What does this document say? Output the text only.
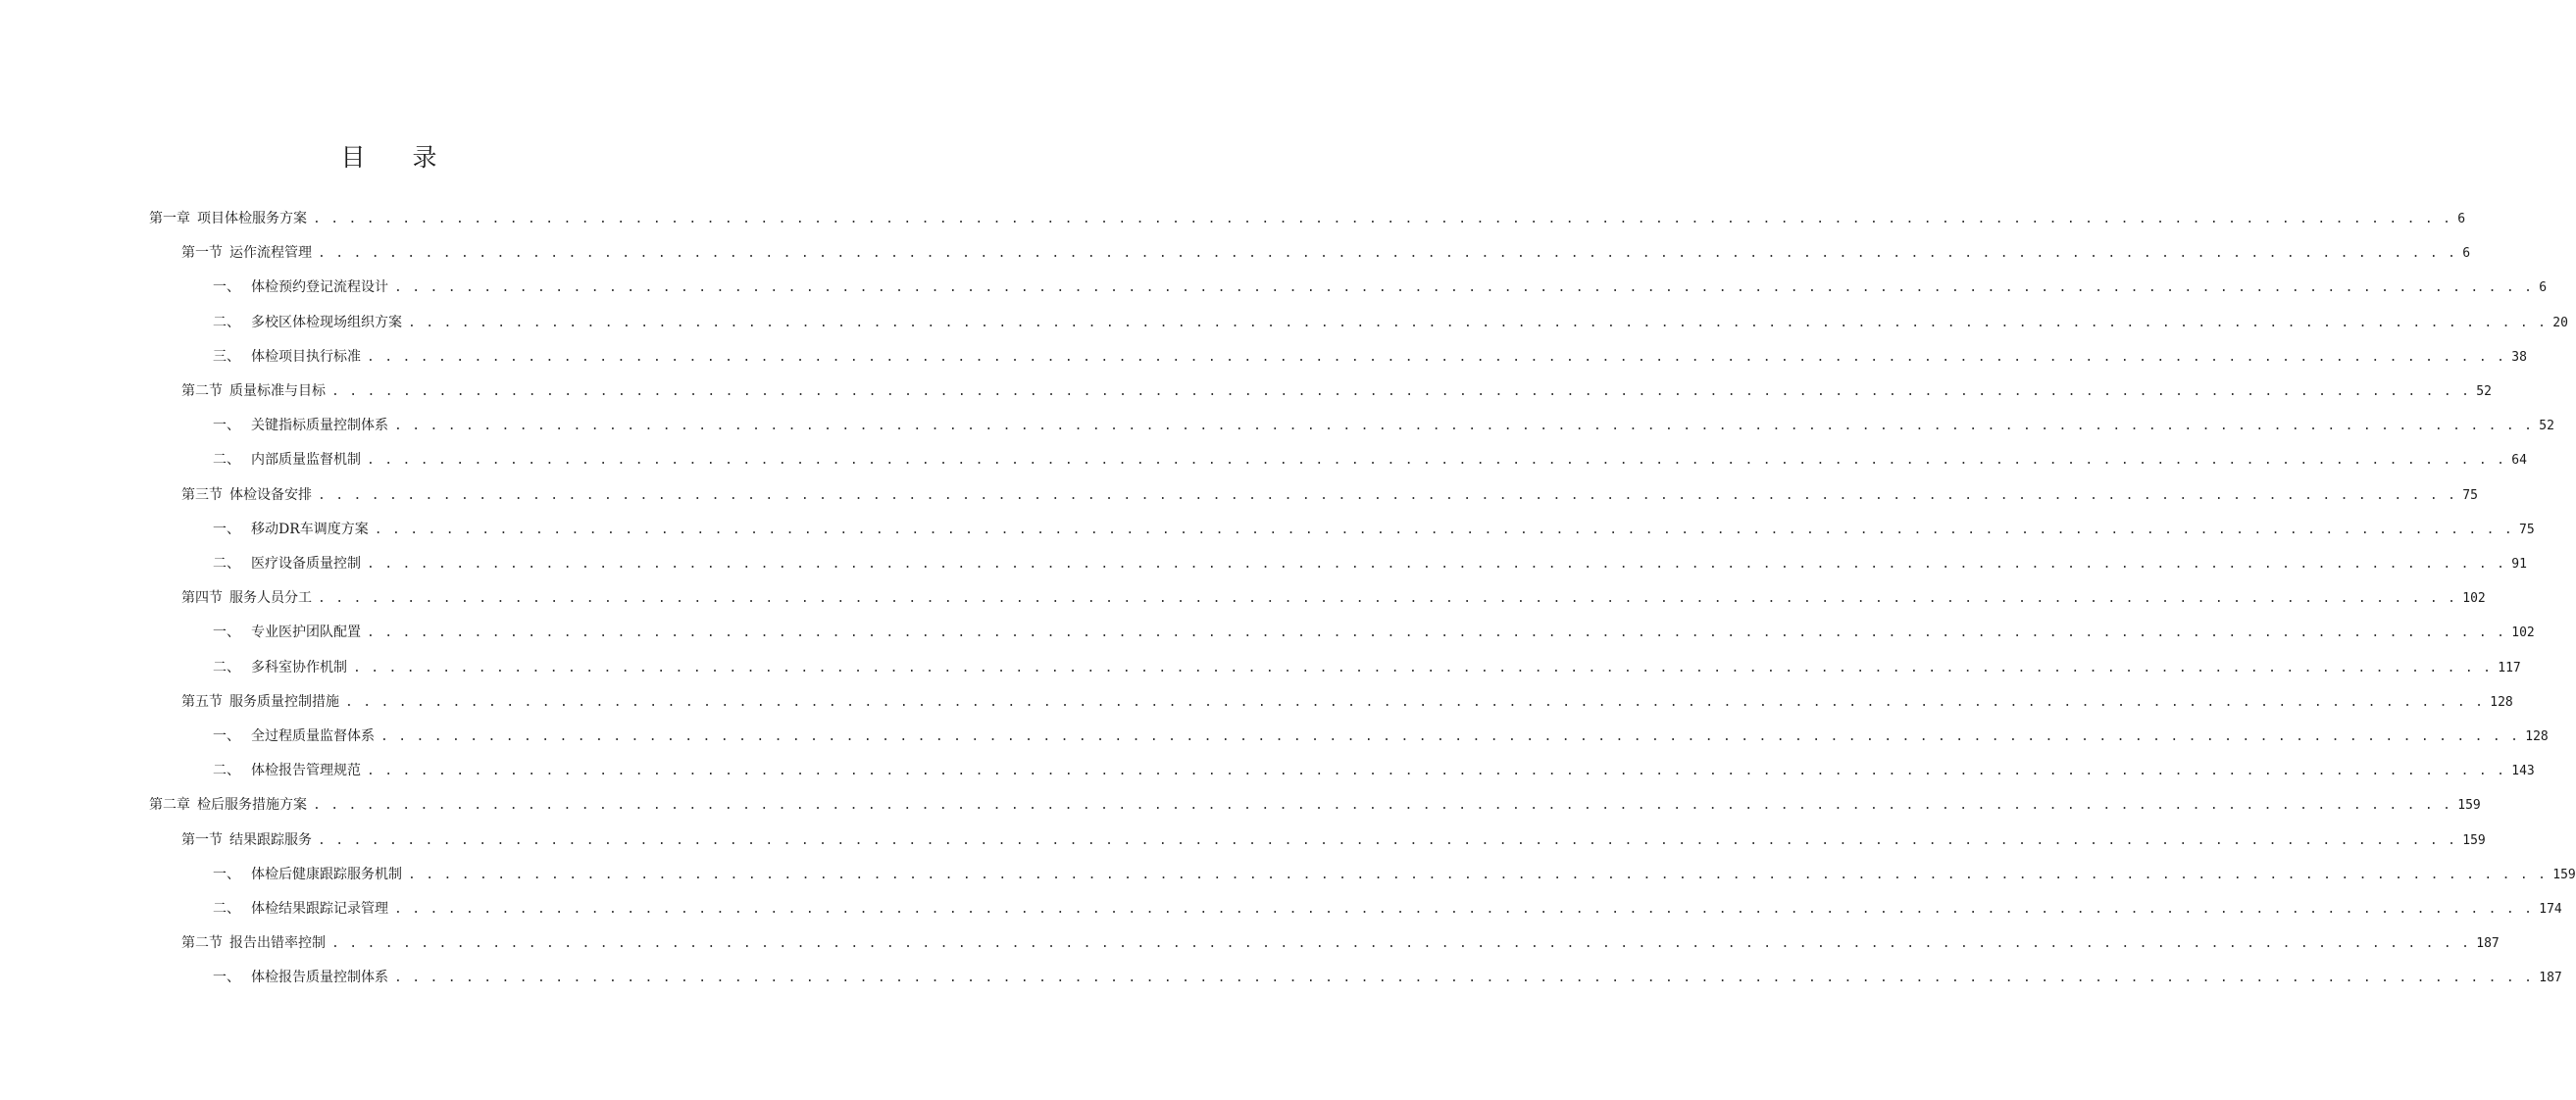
目 录
第一章 项目体检服务方案 . . . . . . . . . . . . . . . . . . . . . . . . . . . . . . . . . . . . . . . . . . . . . . . . . . . . . . . . . . . . . . . . . . . . . . . . . . . . . . . . . . . . . . . . . . . . . . . . . . . . . . . . . . . . . . . . . . . . . . . . 6
第一节 运作流程管理 . . . . . . . . . . . . . . . . . . . . . . . . . . . . . . . . . . . . . . . . . . . . . . . . . . . . . . . . . . . . . . . . . . . . . . . . . . . . . . . . . . . . . . . . . . . . . . . . . . . . . . . . . . . . . . . . . . . . . . . . 6
一、 体检预约登记流程设计 . . . . . . . . . . . . . . . . . . . . . . . . . . . . . . . . . . . . . . . . . . . . . . . . . . . . . . . . . . . . . . . . . . . . . . . . . . . . . . . . . . . . . . . . . . . . . . . . . . . . . . . . . . . . . . . . . . . . . . . . 6
二、 多校区体检现场组织方案 . . . . . . . . . . . . . . . . . . . . . . . . . . . . . . . . . . . . . . . . . . . . . . . . . . . . . . . . . . . . . . . . . . . . . . . . . . . . . . . . . . . . . . . . . . . . . . . . . . . . . . . . . . . . . . . . . . . . . . . . 20
三、 体检项目执行标准 . . . . . . . . . . . . . . . . . . . . . . . . . . . . . . . . . . . . . . . . . . . . . . . . . . . . . . . . . . . . . . . . . . . . . . . . . . . . . . . . . . . . . . . . . . . . . . . . . . . . . . . . . . . . . . . . . . . . . . . . 38
第二节 质量标准与目标 . . . . . . . . . . . . . . . . . . . . . . . . . . . . . . . . . . . . . . . . . . . . . . . . . . . . . . . . . . . . . . . . . . . . . . . . . . . . . . . . . . . . . . . . . . . . . . . . . . . . . . . . . . . . . . . . . . . . . . . . 52
一、 关键指标质量控制体系 . . . . . . . . . . . . . . . . . . . . . . . . . . . . . . . . . . . . . . . . . . . . . . . . . . . . . . . . . . . . . . . . . . . . . . . . . . . . . . . . . . . . . . . . . . . . . . . . . . . . . . . . . . . . . . . . . . . . . . . . 52
二、 内部质量监督机制 . . . . . . . . . . . . . . . . . . . . . . . . . . . . . . . . . . . . . . . . . . . . . . . . . . . . . . . . . . . . . . . . . . . . . . . . . . . . . . . . . . . . . . . . . . . . . . . . . . . . . . . . . . . . . . . . . . . . . . . . 64
第三节 体检设备安排 . . . . . . . . . . . . . . . . . . . . . . . . . . . . . . . . . . . . . . . . . . . . . . . . . . . . . . . . . . . . . . . . . . . . . . . . . . . . . . . . . . . . . . . . . . . . . . . . . . . . . . . . . . . . . . . . . . . . . . . . 75
一、 移动DR车调度方案 . . . . . . . . . . . . . . . . . . . . . . . . . . . . . . . . . . . . . . . . . . . . . . . . . . . . . . . . . . . . . . . . . . . . . . . . . . . . . . . . . . . . . . . . . . . . . . . . . . . . . . . . . . . . . . . . . . . . . . . . 75
二、 医疗设备质量控制 . . . . . . . . . . . . . . . . . . . . . . . . . . . . . . . . . . . . . . . . . . . . . . . . . . . . . . . . . . . . . . . . . . . . . . . . . . . . . . . . . . . . . . . . . . . . . . . . . . . . . . . . . . . . . . . . . . . . . . . . 91
第四节 服务人员分工 . . . . . . . . . . . . . . . . . . . . . . . . . . . . . . . . . . . . . . . . . . . . . . . . . . . . . . . . . . . . . . . . . . . . . . . . . . . . . . . . . . . . . . . . . . . . . . . . . . . . . . . . . . . . . . . . . . . . . . . . 102
一、 专业医护团队配置 . . . . . . . . . . . . . . . . . . . . . . . . . . . . . . . . . . . . . . . . . . . . . . . . . . . . . . . . . . . . . . . . . . . . . . . . . . . . . . . . . . . . . . . . . . . . . . . . . . . . . . . . . . . . . . . . . . . . . . . . 102
二、 多科室协作机制 . . . . . . . . . . . . . . . . . . . . . . . . . . . . . . . . . . . . . . . . . . . . . . . . . . . . . . . . . . . . . . . . . . . . . . . . . . . . . . . . . . . . . . . . . . . . . . . . . . . . . . . . . . . . . . . . . . . . . . . . 117
第五节 服务质量控制措施 . . . . . . . . . . . . . . . . . . . . . . . . . . . . . . . . . . . . . . . . . . . . . . . . . . . . . . . . . . . . . . . . . . . . . . . . . . . . . . . . . . . . . . . . . . . . . . . . . . . . . . . . . . . . . . . . . . . . . . . . 128
一、 全过程质量监督体系 . . . . . . . . . . . . . . . . . . . . . . . . . . . . . . . . . . . . . . . . . . . . . . . . . . . . . . . . . . . . . . . . . . . . . . . . . . . . . . . . . . . . . . . . . . . . . . . . . . . . . . . . . . . . . . . . . . . . . . . . 128
二、 体检报告管理规范 . . . . . . . . . . . . . . . . . . . . . . . . . . . . . . . . . . . . . . . . . . . . . . . . . . . . . . . . . . . . . . . . . . . . . . . . . . . . . . . . . . . . . . . . . . . . . . . . . . . . . . . . . . . . . . . . . . . . . . . . 143
第二章 检后服务措施方案 . . . . . . . . . . . . . . . . . . . . . . . . . . . . . . . . . . . . . . . . . . . . . . . . . . . . . . . . . . . . . . . . . . . . . . . . . . . . . . . . . . . . . . . . . . . . . . . . . . . . . . . . . . . . . . . . . . . . . . . . 159
第一节 结果跟踪服务 . . . . . . . . . . . . . . . . . . . . . . . . . . . . . . . . . . . . . . . . . . . . . . . . . . . . . . . . . . . . . . . . . . . . . . . . . . . . . . . . . . . . . . . . . . . . . . . . . . . . . . . . . . . . . . . . . . . . . . . . 159
一、 体检后健康跟踪服务机制 . . . . . . . . . . . . . . . . . . . . . . . . . . . . . . . . . . . . . . . . . . . . . . . . . . . . . . . . . . . . . . . . . . . . . . . . . . . . . . . . . . . . . . . . . . . . . . . . . . . . . . . . . . . . . . . . . . . . . . . . 159
二、 体检结果跟踪记录管理 . . . . . . . . . . . . . . . . . . . . . . . . . . . . . . . . . . . . . . . . . . . . . . . . . . . . . . . . . . . . . . . . . . . . . . . . . . . . . . . . . . . . . . . . . . . . . . . . . . . . . . . . . . . . . . . . . . . . . . . . 174
第二节 报告出错率控制 . . . . . . . . . . . . . . . . . . . . . . . . . . . . . . . . . . . . . . . . . . . . . . . . . . . . . . . . . . . . . . . . . . . . . . . . . . . . . . . . . . . . . . . . . . . . . . . . . . . . . . . . . . . . . . . . . . . . . . . . 187
一、 体检报告质量控制体系 . . . . . . . . . . . . . . . . . . . . . . . . . . . . . . . . . . . . . . . . . . . . . . . . . . . . . . . . . . . . . . . . . . . . . . . . . . . . . . . . . . . . . . . . . . . . . . . . . . . . . . . . . . . . . . . . . . . . . . . . 187
